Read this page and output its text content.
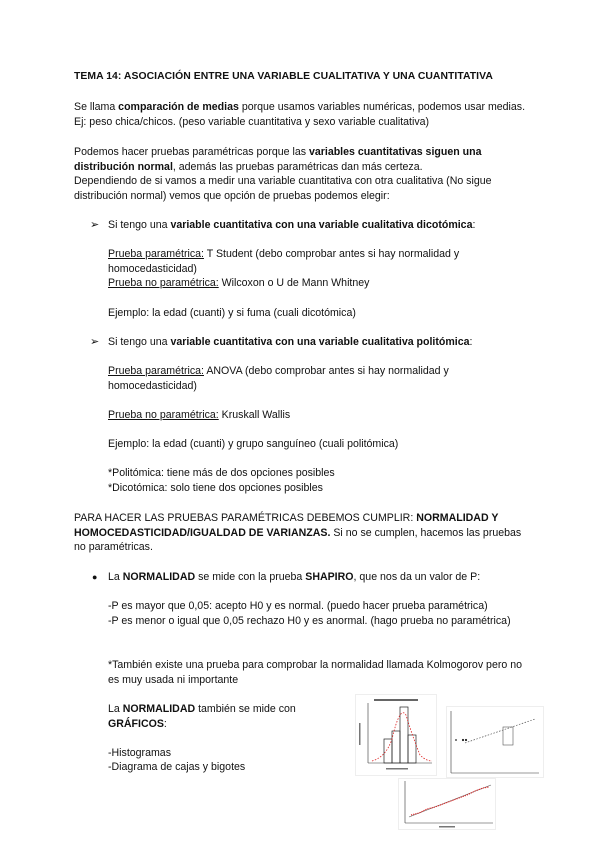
TEMA 14: ASOCIACIÓN ENTRE UNA VARIABLE CUALITATIVA Y UNA CUANTITATIVA

Se llama comparación de medias porque usamos variables numéricas, podemos usar medias. Ej: peso chica/chicos. (peso variable cuantitativa y sexo variable cualitativa)

Podemos hacer pruebas paramétricas porque las variables cuantitativas siguen una distribución normal, además las pruebas paramétricas dan más certeza.
Dependiendo de si vamos a medir una variable cuantitativa con otra cualitativa (No sigue distribución normal) vemos que opción de pruebas podemos elegir:

➢ Si tengo una variable cuantitativa con una variable cualitativa dicotómica:

Prueba paramétrica: T Student (debo comprobar antes si hay normalidad y homocedasticidad)

Prueba no paramétrica: Wilcoxon o U de Mann Whitney

Ejemplo: la edad (cuanti) y si fuma (cuali dicotómica)

➢ Si tengo una variable cuantitativa con una variable cualitativa politómica:

Prueba paramétrica: ANOVA (debo comprobar antes si hay normalidad y homocedasticidad)

Prueba no paramétrica: Kruskall Wallis

Ejemplo: la edad (cuanti) y grupo sanguíneo (cuali politómica)

*Politómica: tiene más de dos opciones posibles

*Dicotómica: solo tiene dos opciones posibles

PARA HACER LAS PRUEBAS PARAMÉTRICAS DEBEMOS CUMPLIR: NORMALIDAD Y HOMOCEDASTICIDAD/IGUALDAD DE VARIANZAS. Si no se cumplen, hacemos las pruebas no paramétricas.

● La NORMALIDAD se mide con la prueba SHAPIRO, que nos da un valor de P:

-P es mayor que 0,05: acepto H0 y es normal. (puedo hacer prueba paramétrica)

-P es menor o igual que 0,05 rechazo H0 y es anormal. (hago prueba no paramétrica)

*También existe una prueba para comprobar la normalidad llamada Kolmogorov pero no es muy usada ni importante

La NORMALIDAD también se mide con GRÁFICOS:

-Histogramas

-Diagrama de cajas y bigotes
